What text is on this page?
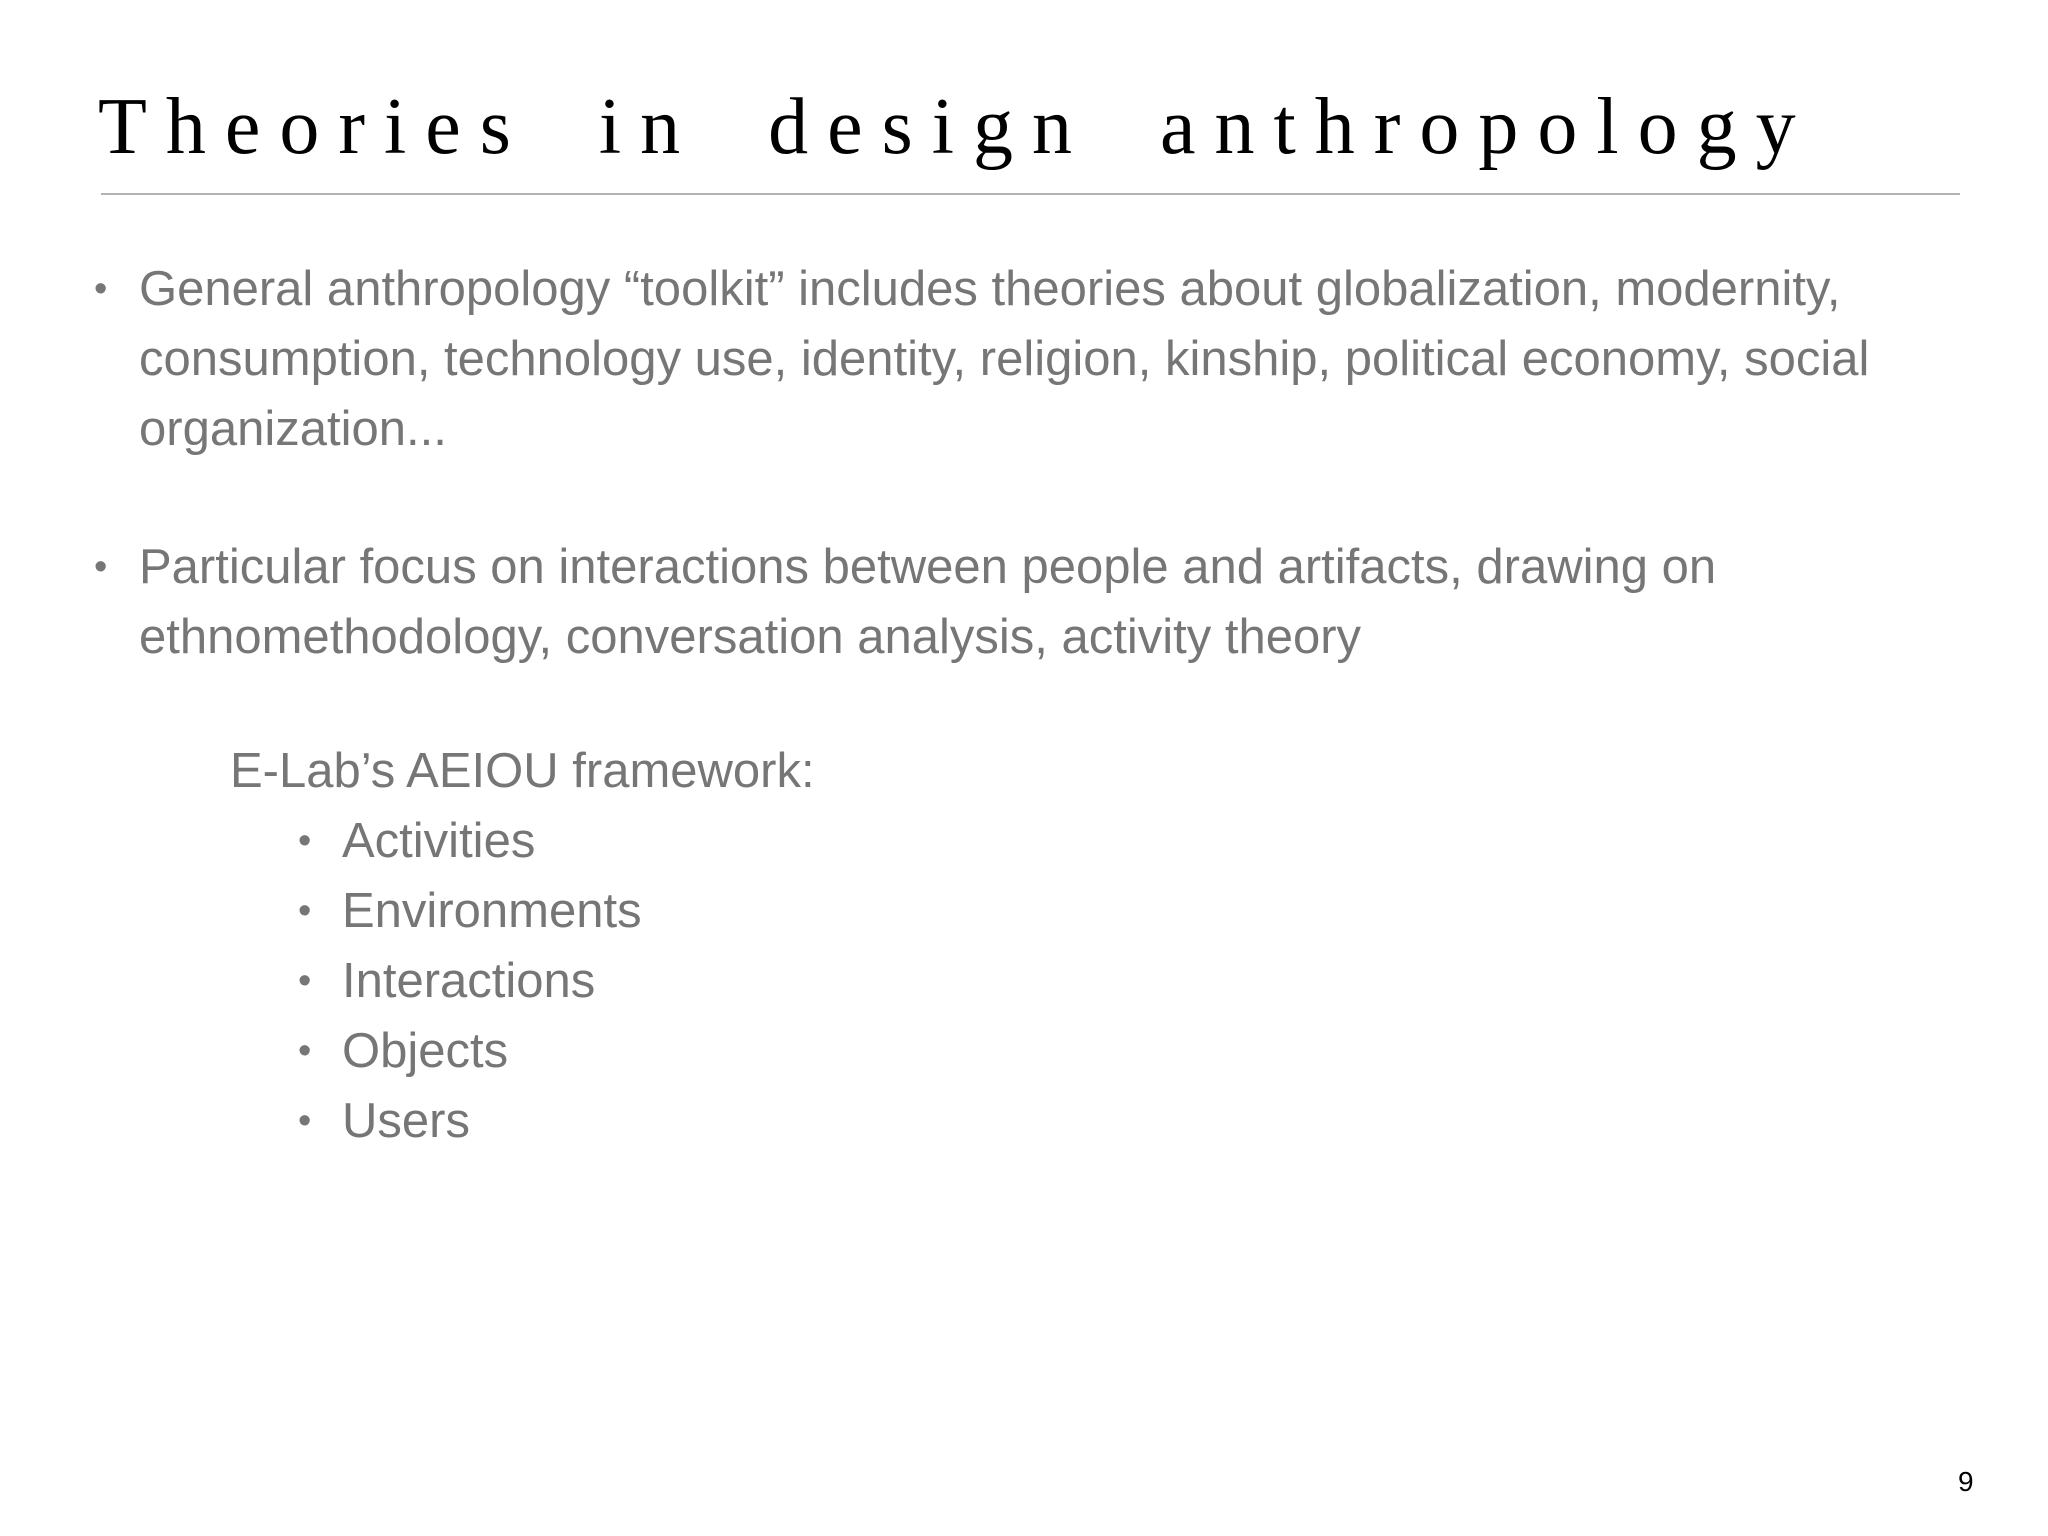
Theories in design anthropology
• General anthropology “toolkit” includes theories about globalization, modernity, consumption, technology use, identity, religion, kinship, political economy, social organization...

• Particular focus on interactions between people and artifacts, drawing on ethnomethodology, conversation analysis, activity theory

E-Lab’s AEIOU framework:

• Activities
• Environments
• Interactions
• Objects
• Users
9
